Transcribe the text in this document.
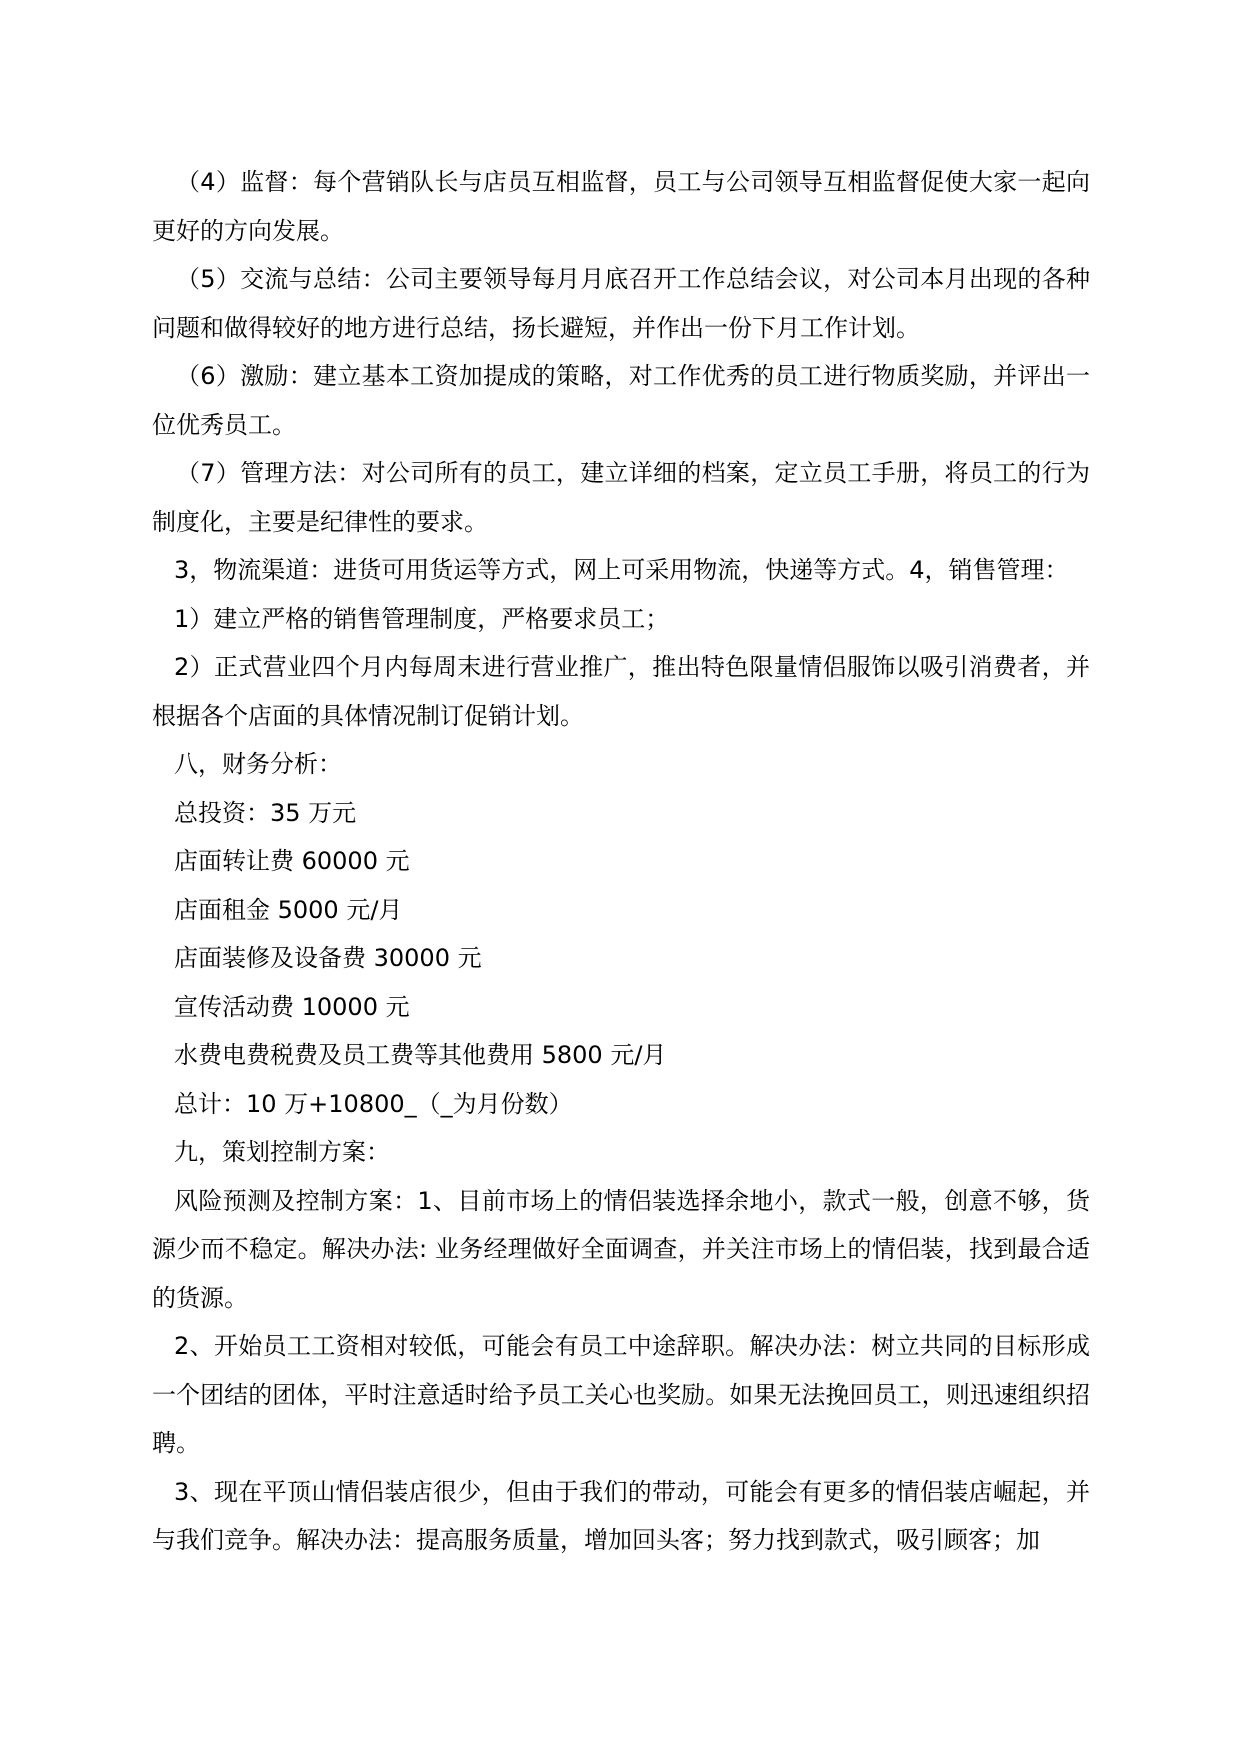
（4）监督：每个营销队长与店员互相监督，员工与公司领导互相监督促使大家一起向更好的方向发展。

（5）交流与总结：公司主要领导每月月底召开工作总结会议，对公司本月出现的各种问题和做得较好的地方进行总结，扬长避短，并作出一份下月工作计划。

（6）激励：建立基本工资加提成的策略，对工作优秀的员工进行物质奖励，并评出一位优秀员工。

（7）管理方法：对公司所有的员工，建立详细的档案，定立员工手册，将员工的行为制度化，主要是纪律性的要求。

3，物流渠道：进货可用货运等方式，网上可采用物流，快递等方式。4，销售管理：

1）建立严格的销售管理制度，严格要求员工；

2）正式营业四个月内每周末进行营业推广，推出特色限量情侣服饰以吸引消费者，并根据各个店面的具体情况制订促销计划。

八，财务分析：

总投资：35 万元

店面转让费 60000 元

店面租金 5000 元/月

店面装修及设备费 30000 元

宣传活动费 10000 元

水费电费税费及员工费等其他费用 5800 元/月

总计：10 万+10800_（_为月份数）

九，策划控制方案：

风险预测及控制方案：1、目前市场上的情侣装选择余地小，款式一般，创意不够，货源少而不稳定。解决办法: 业务经理做好全面调查，并关注市场上的情侣装，找到最合适的货源。

2、开始员工工资相对较低，可能会有员工中途辞职。解决办法：树立共同的目标形成一个团结的团体，平时注意适时给予员工关心也奖励。如果无法挽回员工，则迅速组织招聘。

3、现在平顶山情侣装店很少，但由于我们的带动，可能会有更多的情侣装店崛起，并与我们竞争。解决办法：提高服务质量，增加回头客；努力找到款式，吸引顾客；加
